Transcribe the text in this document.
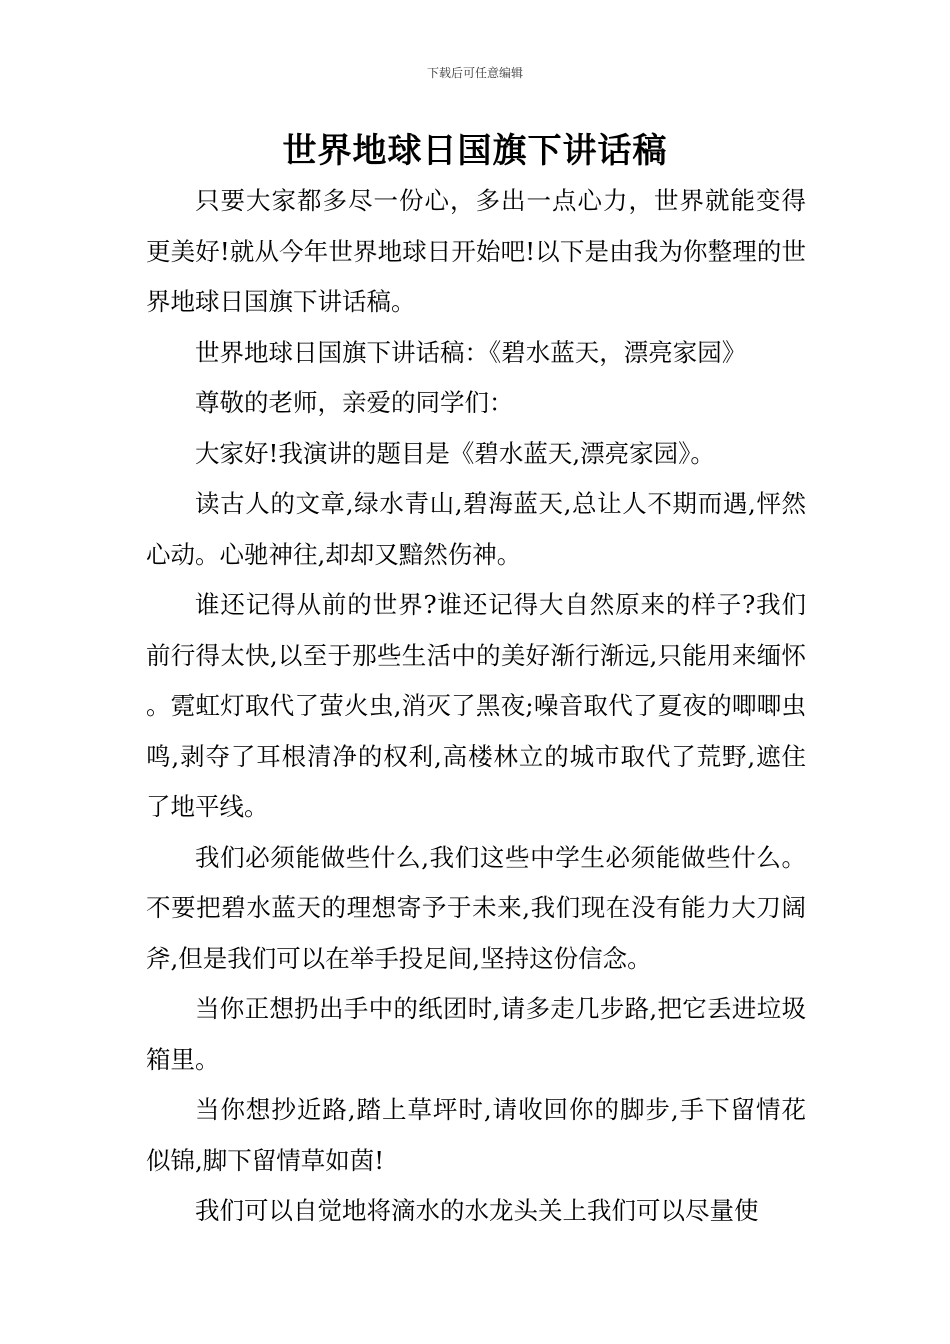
下载后可任意编辑
世界地球日国旗下讲话稿

只要大家都多尽一份心，多出一点心力，世界就能变得更美好!就从今年世界地球日开始吧!以下是由我为你整理的世界地球日国旗下讲话稿。

世界地球日国旗下讲话稿：《碧水蓝天，漂亮家园》

尊敬的老师，亲爱的同学们：

大家好!我演讲的题目是《碧水蓝天,漂亮家园》。

读古人的文章,绿水青山,碧海蓝天,总让人不期而遇,怦然心动。心驰神往,却却又黯然伤神。

谁还记得从前的世界?谁还记得大自然原来的样子?我们前行得太快,以至于那些生活中的美好渐行渐远,只能用来缅怀。霓虹灯取代了萤火虫,消灭了黑夜;噪音取代了夏夜的唧唧虫鸣,剥夺了耳根清净的权利,高楼林立的城市取代了荒野,遮住了地平线。

我们必须能做些什么,我们这些中学生必须能做些什么。不要把碧水蓝天的理想寄予于未来,我们现在没有能力大刀阔斧,但是我们可以在举手投足间,坚持这份信念。

当你正想扔出手中的纸团时,请多走几步路,把它丢进垃圾箱里。

当你想抄近路,踏上草坪时,请收回你的脚步,手下留情花似锦,脚下留情草如茵!

我们可以自觉地将滴水的水龙头关上我们可以尽量使
